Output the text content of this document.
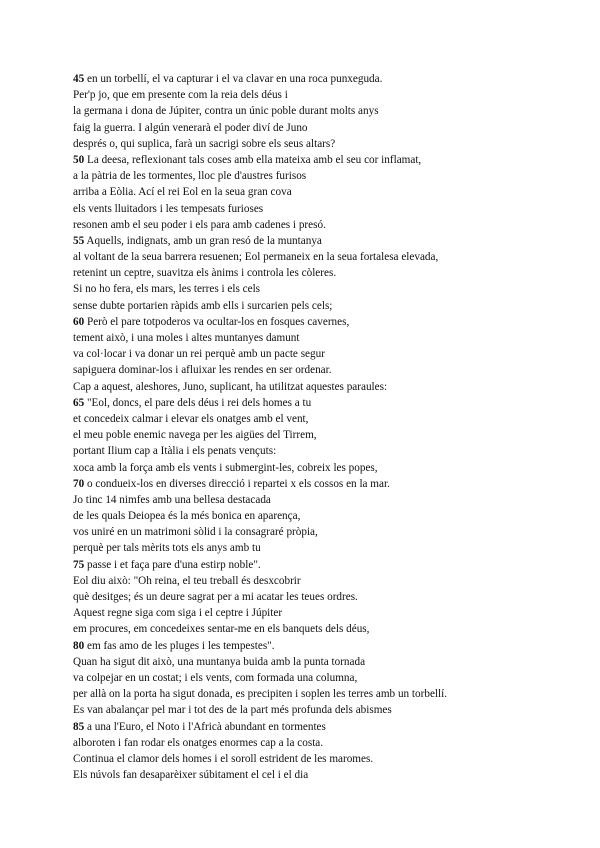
45 en un torbellí, el va capturar i el va clavar en una roca punxeguda.
Per'p jo, que em presente com la reia dels déus i
la germana i dona de Júpiter, contra un únic poble durant molts anys
faig la guerra. I algún venerarà el poder diví de Juno
després o, qui suplica, farà un sacrigi sobre els seus altars?
50 La deesa, reflexionant tals coses amb ella mateixa amb el seu cor inflamat,
a la pàtria de les tormentes, lloc ple d'austres furisos
arriba a Eòlia. Ací el rei Eol en la seua gran cova
els vents lluitadors i les tempesats furioses
resonen amb el seu poder i els para amb cadenes i presó.
55 Aquells, indignats, amb un gran resó de la muntanya
al voltant de la seua barrera resuenen; Eol permaneix en la seua fortalesa elevada,
retenint un ceptre, suavitza els ànims i controla les còleres.
Si no ho fera, els mars, les terres i els cels
sense dubte portarien ràpids amb ells i surcarien pels cels;
60 Però el pare totpoderos va ocultar-los en fosques cavernes,
tement això, i una moles i altes muntanyes damunt
va col·locar i va donar un rei perquè amb un pacte segur
sapiguera dominar-los i afluixar les rendes en ser ordenar.
Cap a aquest, aleshores, Juno, suplicant, ha utilitzat aquestes paraules:
65 "Eol, doncs, el pare dels déus i rei dels homes a tu
et concedeix calmar i elevar els onatges amb el vent,
el meu poble enemic navega per les aigües del Tirrem,
portant Ilium cap a Itàlia i els penats vençuts:
xoca amb la força amb els vents i submergint-les, cobreix les popes,
70 o condueix-los en diverses direcció i repartei x els cossos en la mar.
Jo tinc 14 nimfes amb una bellesa destacada
de les quals Deiopea és la més bonica en aparença,
vos uniré en un matrimoni sòlid i la consagraré pròpia,
perquè per tals mèrits tots els anys amb tu
75 passe i et faça pare d'una estirp noble".
Eol diu això: "Oh reina, el teu treball és desxcobrir
què desitges; és un deure sagrat per a mi acatar les teues ordres.
Aquest regne siga com siga i el ceptre i Júpiter
em procures, em concedeixes sentar-me en els banquets dels déus,
80 em fas amo de les pluges i les tempestes".
Quan ha sigut dit això, una muntanya buida amb la punta tornada
va colpejar en un costat; i els vents, com formada una columna,
per allà on la porta ha sigut donada, es precipiten i soplen les terres amb un torbellí.
Es van abalançar pel mar i tot des de la part més profunda dels abismes
85 a una l'Euro, el Noto i l'Africà abundant en tormentes
alboroten i fan rodar els onatges enormes cap a la costa.
Continua el clamor dels homes i el soroll estrident de les maromes.
Els núvols fan desaparèixer súbitament el cel i el dia
